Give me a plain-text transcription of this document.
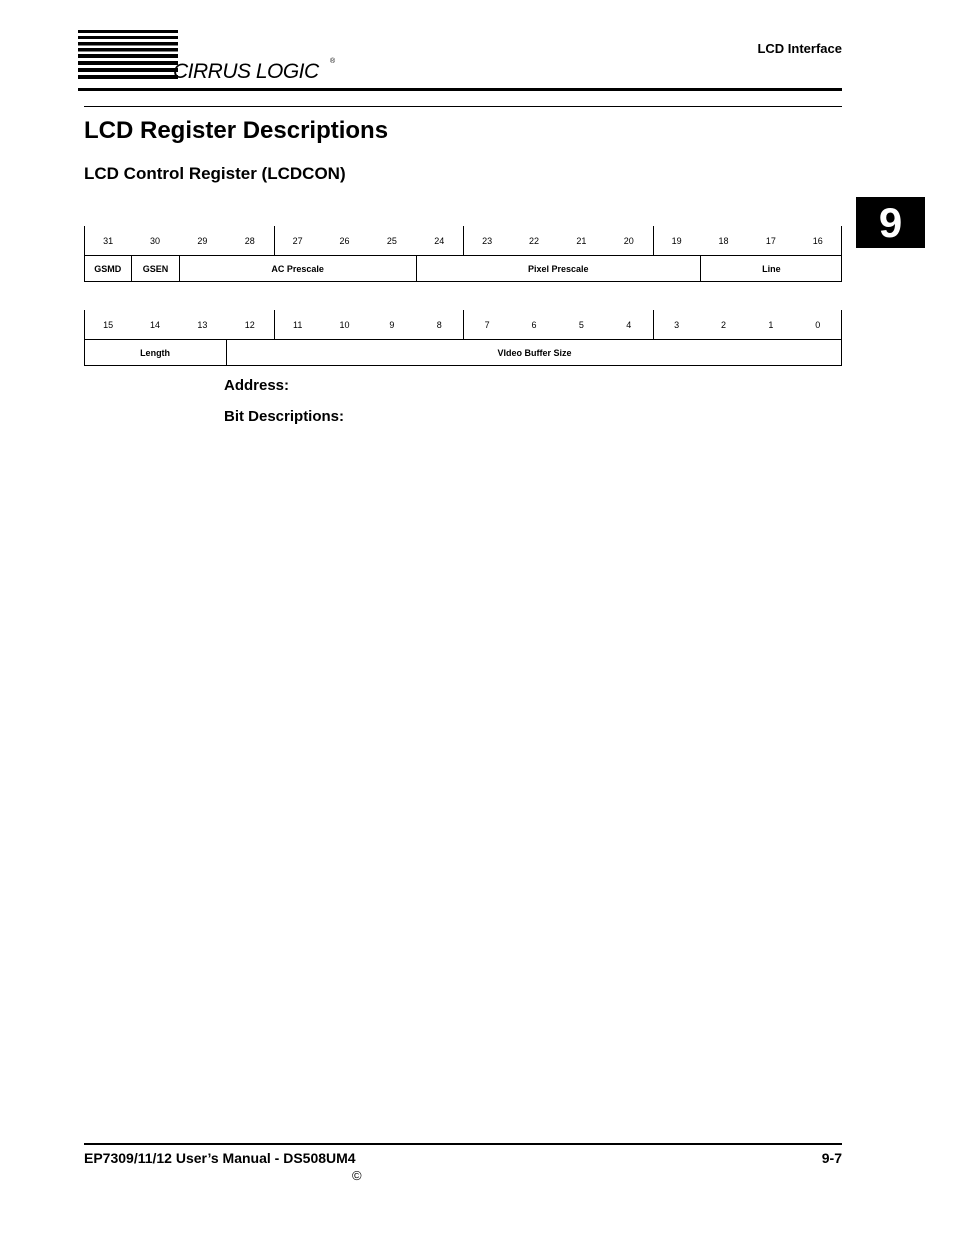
CIRRUS LOGIC ®
LCD Interface
9
LCD Register Descriptions
LCD Control Register (LCDCON)
31	30	29	28	27	26	25	24	23	22	21	20	19	18	17	16
GSMD	GSEN	AC Prescale	Pixel Prescale	Line
15	14	13	12	11	10	9	8	7	6	5	4	3	2	1	0
Length	VIdeo Buffer Size
Address:
Bit Descriptions:
EP7309/11/12 User’s Manual - DS508UM4	9-7
©
